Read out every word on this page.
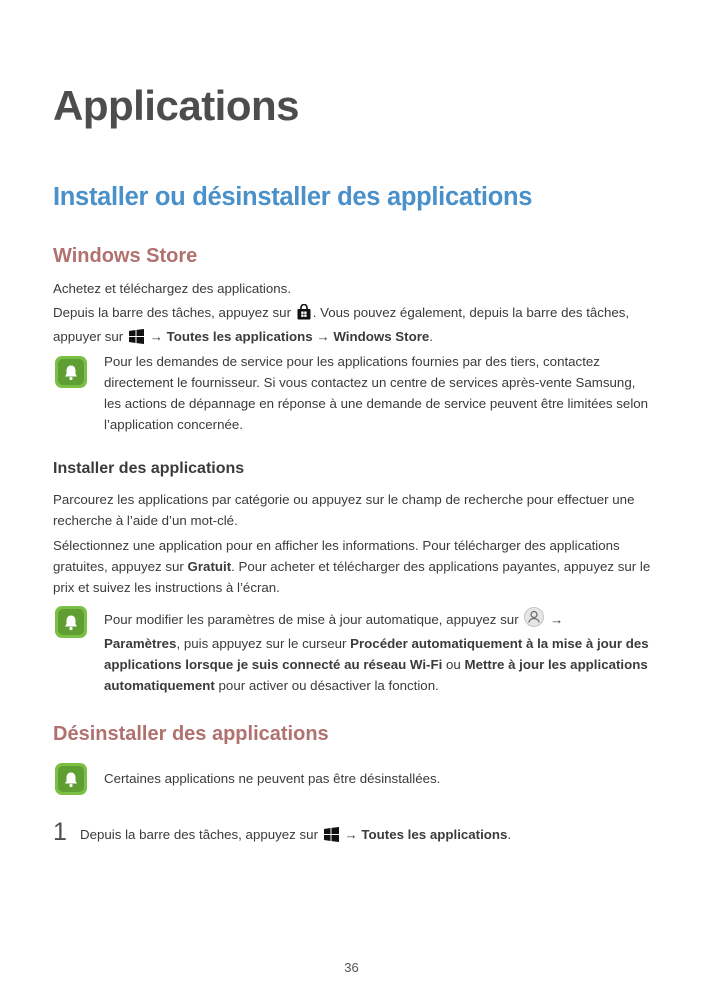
Applications
Installer ou désinstaller des applications
Windows Store

Achetez et téléchargez des applications.

Depuis la barre des tâches, appuyez sur . Vous pouvez également, depuis la barre des tâches,
appuyer sur  → Toutes les applications → Windows Store.

Pour les demandes de service pour les applications fournies par des tiers, contactez directement le fournisseur. Si vous contactez un centre de services après-vente Samsung, les actions de dépannage en réponse à une demande de service peuvent être limitées selon l’application concernée.

Installer des applications

Parcourez les applications par catégorie ou appuyez sur le champ de recherche pour effectuer une recherche à l’aide d’un mot-clé.

Sélectionnez une application pour en afficher les informations. Pour télécharger des applications gratuites, appuyez sur Gratuit. Pour acheter et télécharger des applications payantes, appuyez sur le prix et suivez les instructions à l’écran.

Pour modifier les paramètres de mise à jour automatique, appuyez sur  →
Paramètres, puis appuyez sur le curseur Procéder automatiquement à la mise à jour des applications lorsque je suis connecté au réseau Wi-Fi ou Mettre à jour les applications automatiquement pour activer ou désactiver la fonction.

Désinstaller des applications

Certaines applications ne peuvent pas être désinstallées.

1 Depuis la barre des tâches, appuyez sur  → Toutes les applications.

36
